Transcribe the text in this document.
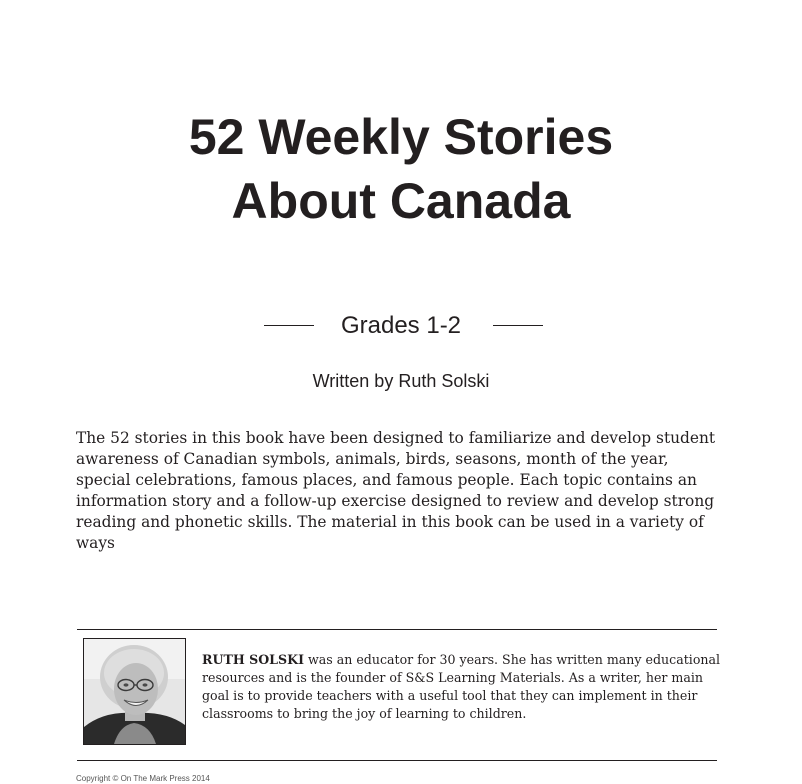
52 Weekly Stories
About Canada
Grades 1-2
Written by Ruth Solski

The 52 stories in this book have been designed to familiarize and develop student awareness of Canadian symbols, animals, birds, seasons, month of the year, special celebrations, famous places, and famous people. Each topic contains an information story and a follow-up exercise designed to review and develop strong reading and phonetic skills. The material in this book can be used in a variety of ways

RUTH SOLSKI was an educator for 30 years. She has written many educational resources and is the founder of S&S Learning Materials. As a writer, her main goal is to provide teachers with a useful tool that they can implement in their classrooms to bring the joy of learning to children.

Copyright © On The Mark Press 2014
